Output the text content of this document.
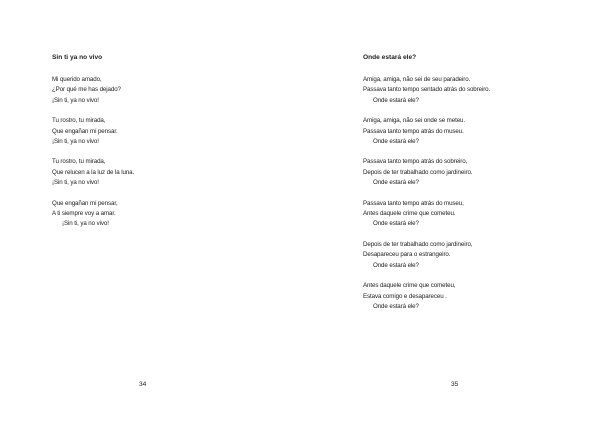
Sin ti ya no vivo
Mi querido amado,
¿Por qué me has dejado?
¡Sin ti, ya no vivo!
Tu rostro, tu mirada,
Que engañan mi pensar.
¡Sin ti, ya no vivo!
Tu rostro, tu mirada,
Que relucen a la luz de la luna.
¡Sin ti, ya no vivo!
Que engañan mi pensar,
A ti siempre voy a amar.
¡Sin ti, ya no vivo!
34
Onde estará ele?
Amiga, amiga, não sei de seu paradeiro.
Passava tanto tempo sentado atrás do sobreiro.
Onde estará ele?
Amiga, amiga, não sei onde se meteu.
Passava tanto tempo atrás do museu.
Onde estará ele?
Passava tanto tempo atrás do sobreiro,
Depois de ter trabalhado como jardineiro.
Onde estará ele?
Passava tanto tempo atrás do museu,
Antes daquele crime que cometeu.
Onde estará ele?
Depois de ter trabalhado como jardineiro,
Desapareceu para o estrangeiro.
Onde estará ele?
Antes daquele crime que cometeu,
Estava comigo e desapareceu .
Onde estará ele?
35
